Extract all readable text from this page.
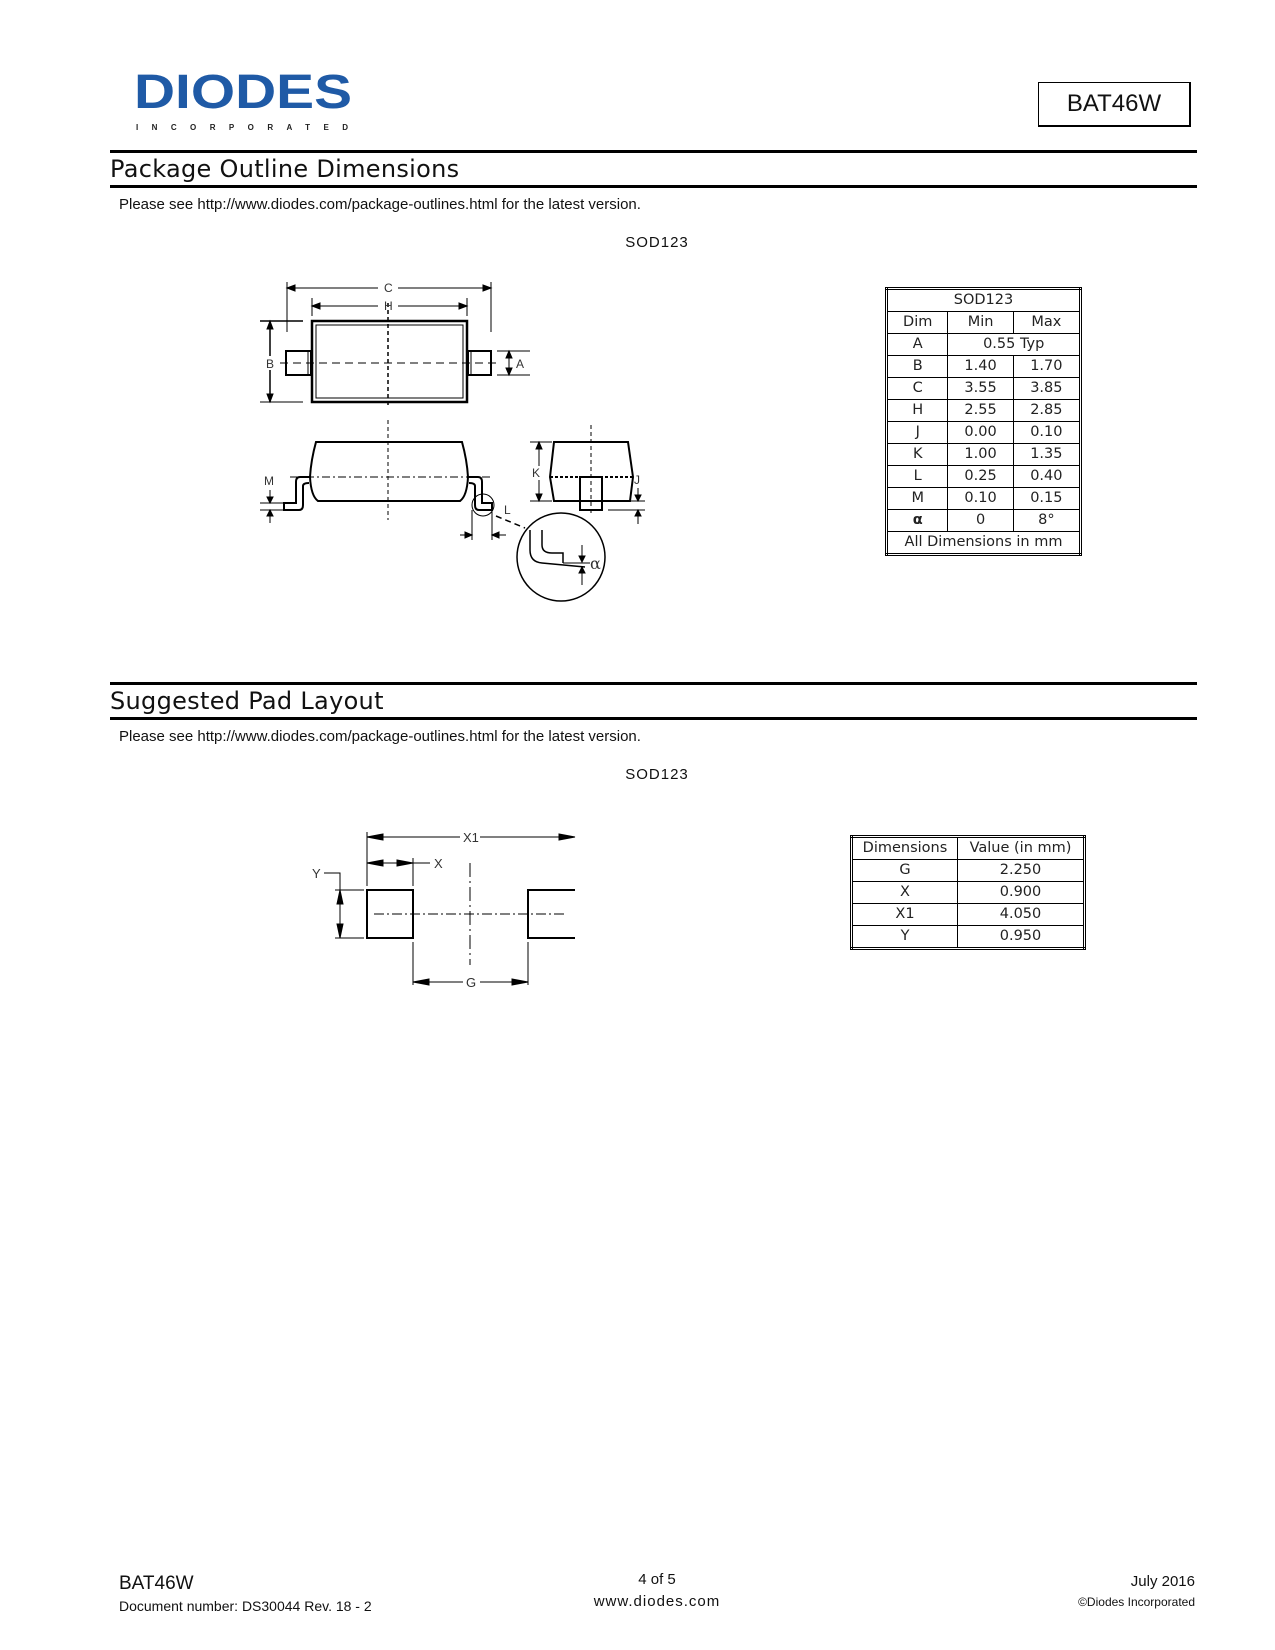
DIODES
INCORPORATED
BAT46W
Package Outline Dimensions
Please see http://www.diodes.com/package-outlines.html for the latest version.
SOD123
C
H
B	A
M
L
K	J
α
SOD123		
Dim	Min	Max
A	0.55 Typ	
B	1.40	1.70
C	3.55	3.85
H	2.55	2.85
J	0.00	0.10
K	1.00	1.35
L	0.25	0.40
M	0.10	0.15
α	0	8°
All Dimensions in mm		
Suggested Pad Layout
Please see http://www.diodes.com/package-outlines.html for the latest version.
SOD123
X1
X
Y
G
Dimensions	Value (in mm)
G	2.250
X	0.900
X1	4.050
Y	0.950
BAT46W
Document number: DS30044 Rev. 18 - 2
4 of 5
www.diodes.com
July 2016
©Diodes Incorporated
